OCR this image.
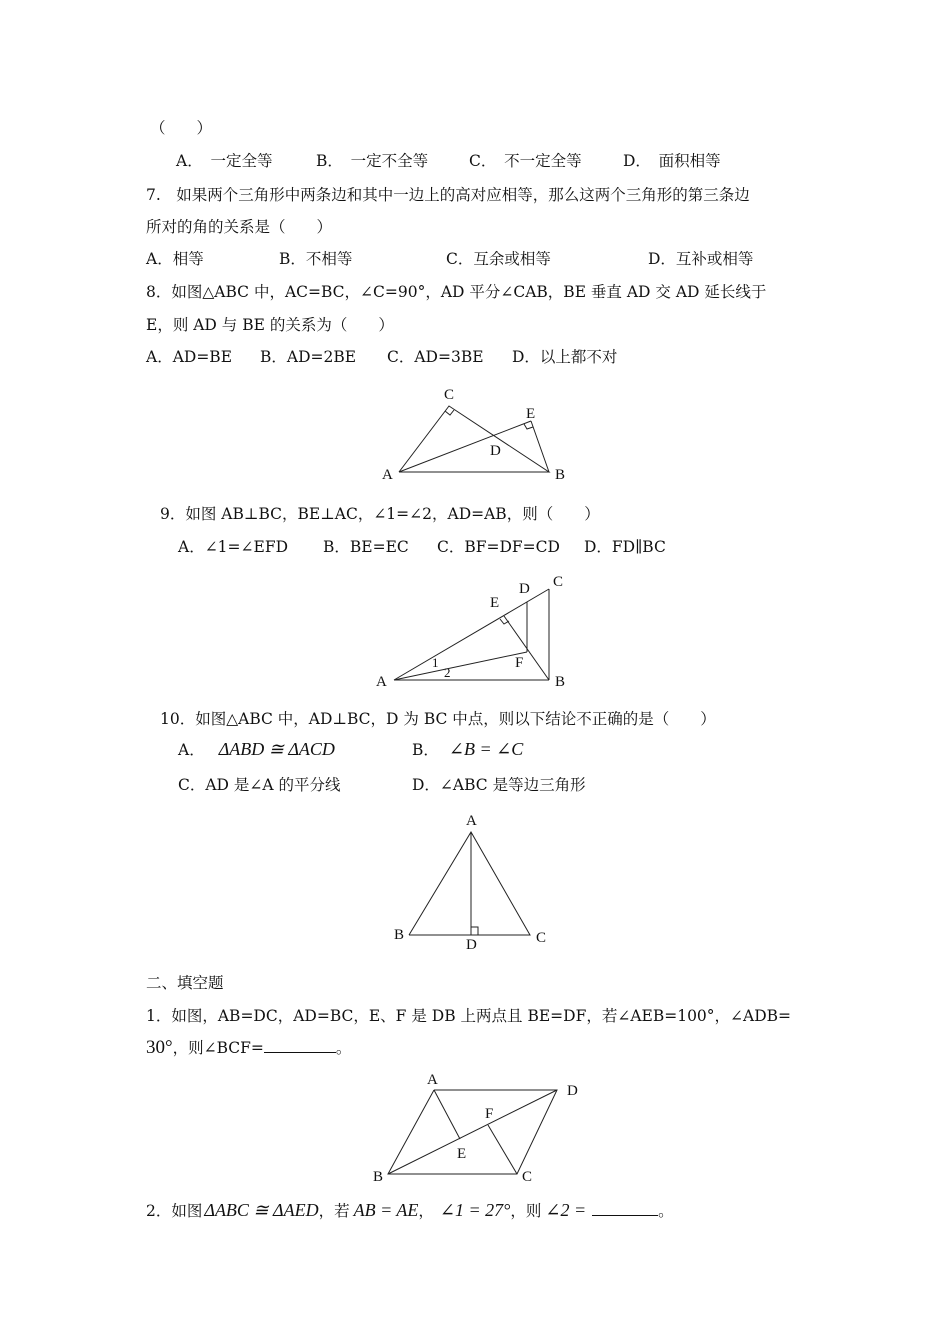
（　　）
A．　一定全等	B．　一定不全等	C．　不一定全等	D．　面积相等
7.　如果两个三角形中两条边和其中一边上的高对应相等，那么这两个三角形的第三条边
所对的角的关系是（　　）
A．相等	B．不相等	C．互余或相等	D．互补或相等
8．如图△ABC 中，AC=BC，∠C=90°，AD 平分∠CAB，BE 垂直 AD 交 AD 延长线于
E，则 AD 与 BE 的关系为（　　）
A．AD=BE B．AD=2BE C．AD=3BE D．以上都不对
C
E
D
A	B
9．如图 AB⊥BC，BE⊥AC，∠1=∠2，AD=AB，则（　　）
A．∠1=∠EFD B．BE=EC C．BF=DF=CD D．FD∥BC
E
D C
F
A	B
1
2
10．如图△ABC 中，AD⊥BC，D 为 BC 中点，则以下结论不正确的是（　　）
A． ΔABD ≅ ΔACD	B． ∠B = ∠C
C．AD 是∠A 的平分线	D．∠ABC 是等边三角形
A
B
D	C
二、填空题
1．如图，AB=DC，AD=BC，E、F 是 DB 上两点且 BE=DF，若∠AEB=100°，∠ADB=
30°，则∠BCF=	。
A
D
F
E
B	C
2．如图 ΔABC ≅ ΔAED，若 AB = AE， ∠1 = 27°，则 ∠2 =	。
